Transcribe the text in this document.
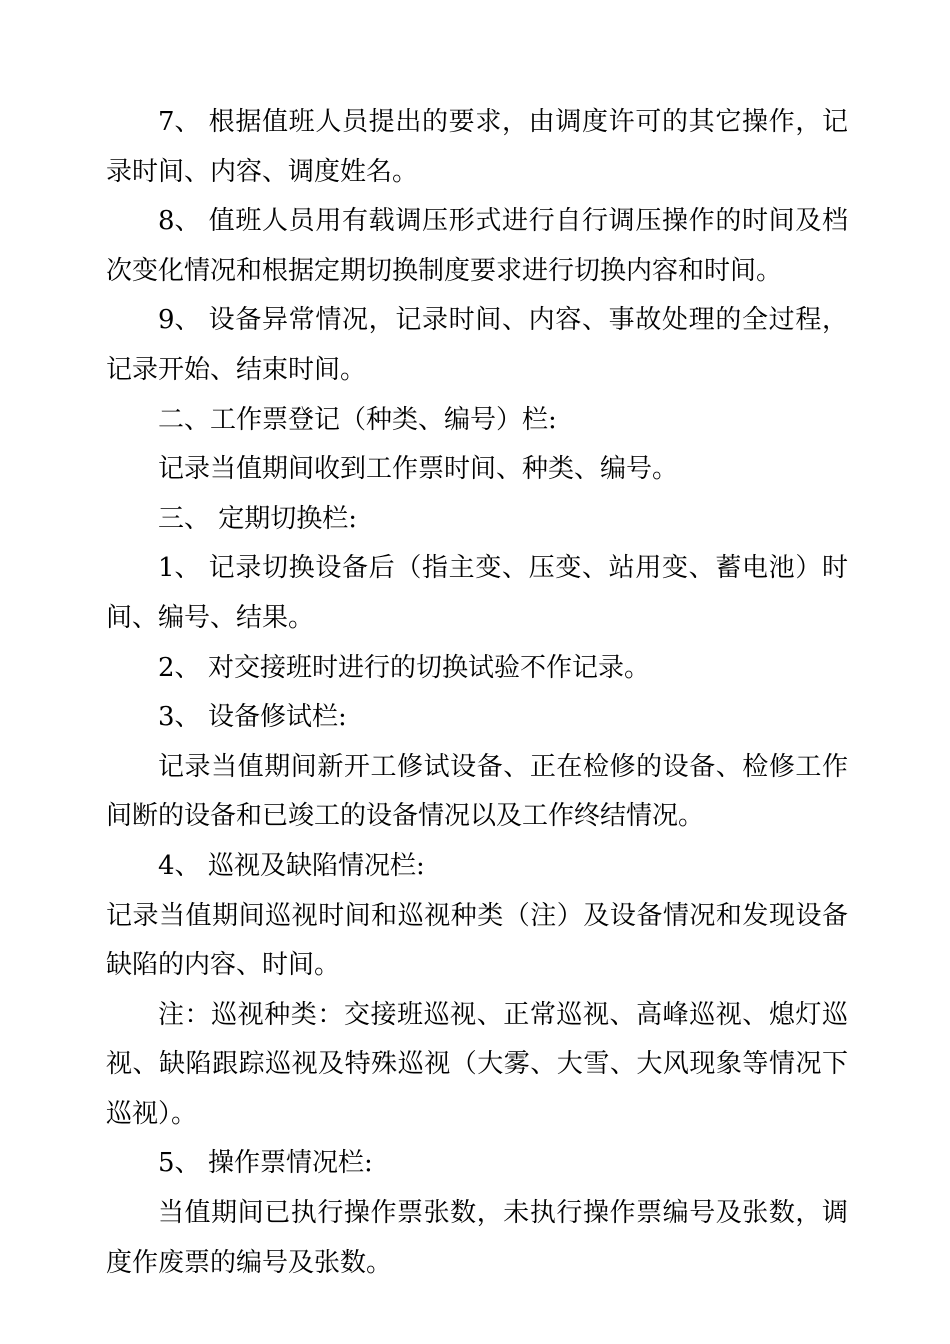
7、 根据值班人员提出的要求，由调度许可的其它操作，记录时间、内容、调度姓名。

8、 值班人员用有载调压形式进行自行调压操作的时间及档次变化情况和根据定期切换制度要求进行切换内容和时间。

9、 设备异常情况，记录时间、内容、事故处理的全过程，记录开始、结束时间。

二、工作票登记（种类、编号）栏:

记录当值期间收到工作票时间、种类、编号。

三、 定期切换栏:

1、 记录切换设备后（指主变、压变、站用变、蓄电池）时间、编号、结果。

2、 对交接班时进行的切换试验不作记录。

3、 设备修试栏:

记录当值期间新开工修试设备、正在检修的设备、检修工作间断的设备和已竣工的设备情况以及工作终结情况。

4、 巡视及缺陷情况栏:

记录当值期间巡视时间和巡视种类（注）及设备情况和发现设备缺陷的内容、时间。

注：巡视种类：交接班巡视、正常巡视、高峰巡视、熄灯巡视、缺陷跟踪巡视及特殊巡视（大雾、大雪、大风现象等情况下巡视）。

5、 操作票情况栏:

当值期间已执行操作票张数，未执行操作票编号及张数，调度作废票的编号及张数。
